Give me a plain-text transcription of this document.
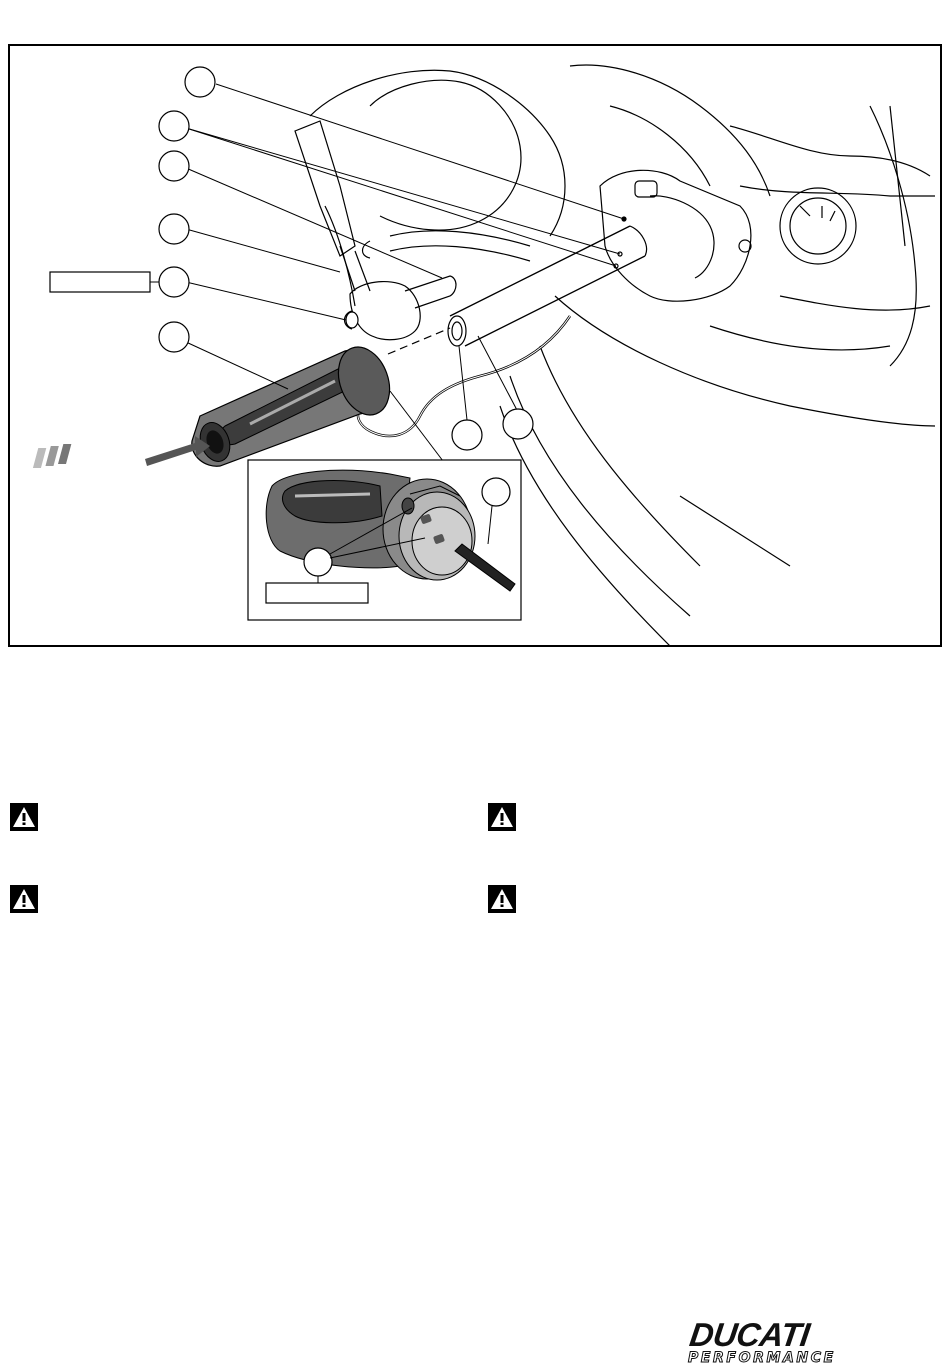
DUCATI
PERFORMANCE
